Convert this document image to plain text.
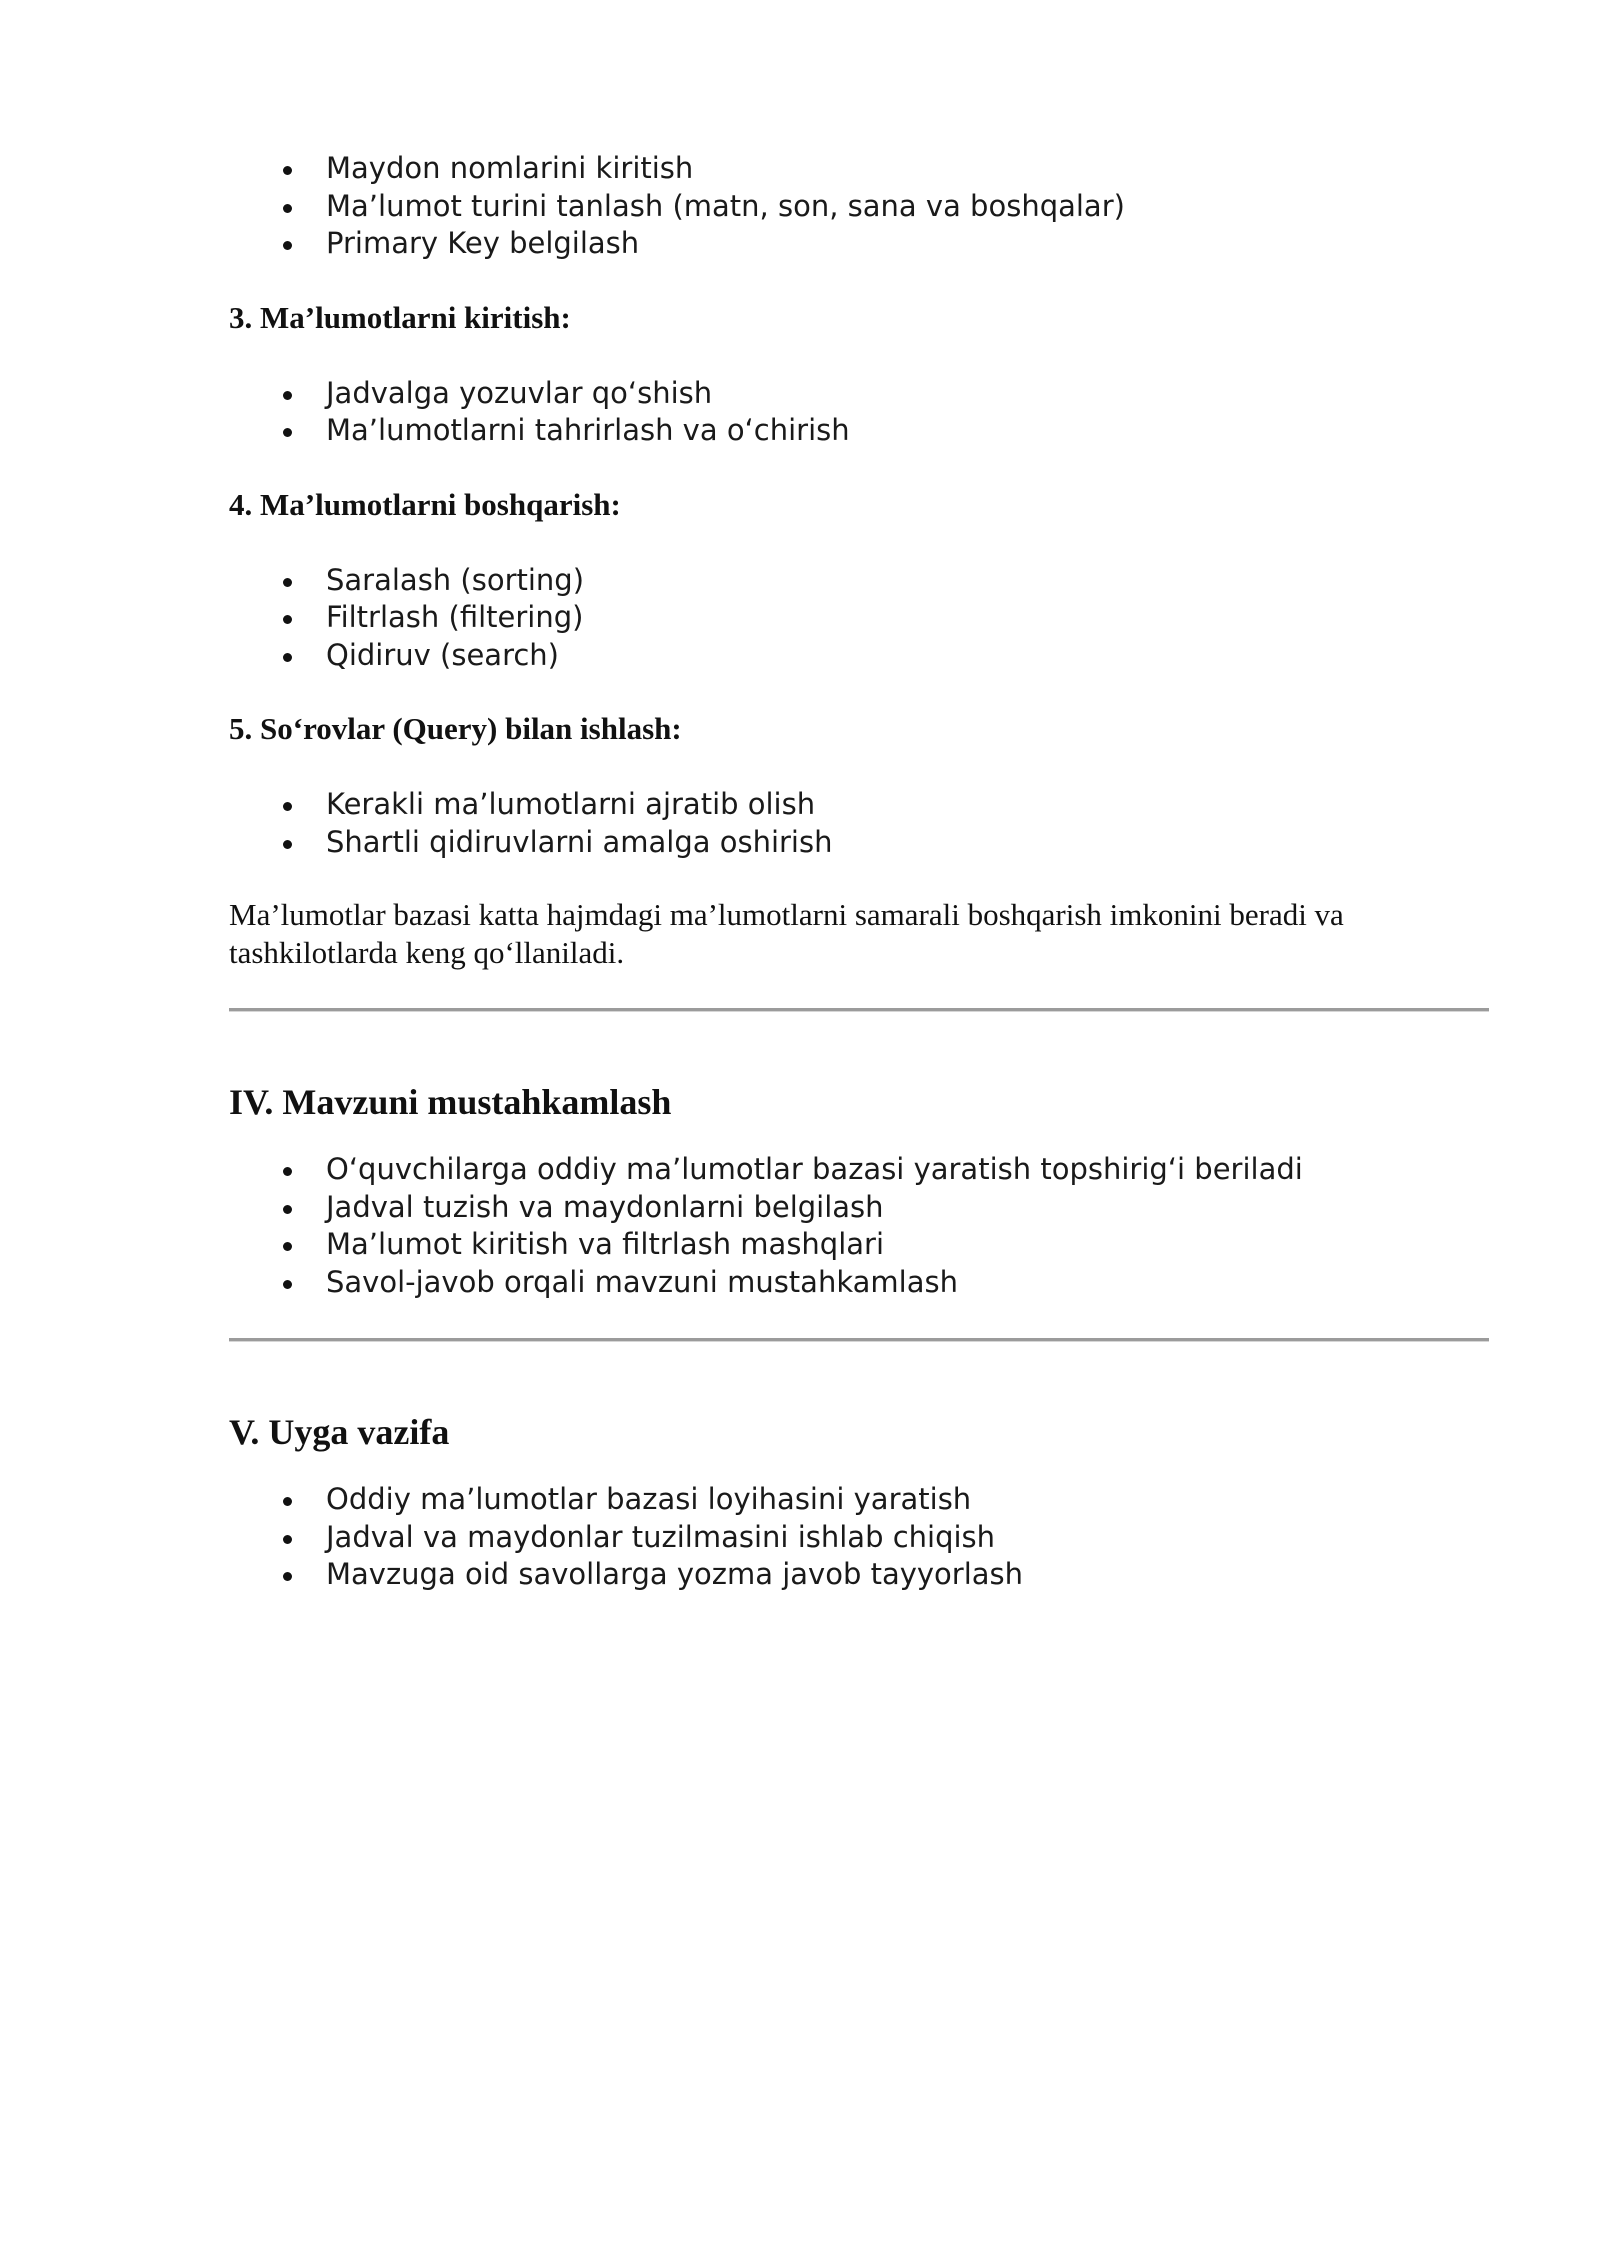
Maydon nomlarini kiritish
Ma’lumot turini tanlash (matn, son, sana va boshqalar)
Primary Key belgilash

3. Ma’lumotlarni kiritish:

Jadvalga yozuvlar qo‘shish
Ma’lumotlarni tahrirlash va o‘chirish

4. Ma’lumotlarni boshqarish:

Saralash (sorting)
Filtrlash (filtering)
Qidiruv (search)

5. So‘rovlar (Query) bilan ishlash:

Kerakli ma’lumotlarni ajratib olish
Shartli qidiruvlarni amalga oshirish

Ma’lumotlar bazasi katta hajmdagi ma’lumotlarni samarali boshqarish imkonini beradi va
tashkilotlarda keng qo‘llaniladi.

IV. Mavzuni mustahkamlash
O‘quvchilarga oddiy ma’lumotlar bazasi yaratish topshirig‘i beriladi
Jadval tuzish va maydonlarni belgilash
Ma’lumot kiritish va filtrlash mashqlari
Savol-javob orqali mavzuni mustahkamlash
V. Uyga vazifa
Oddiy ma’lumotlar bazasi loyihasini yaratish
Jadval va maydonlar tuzilmasini ishlab chiqish
Mavzuga oid savollarga yozma javob tayyorlash
